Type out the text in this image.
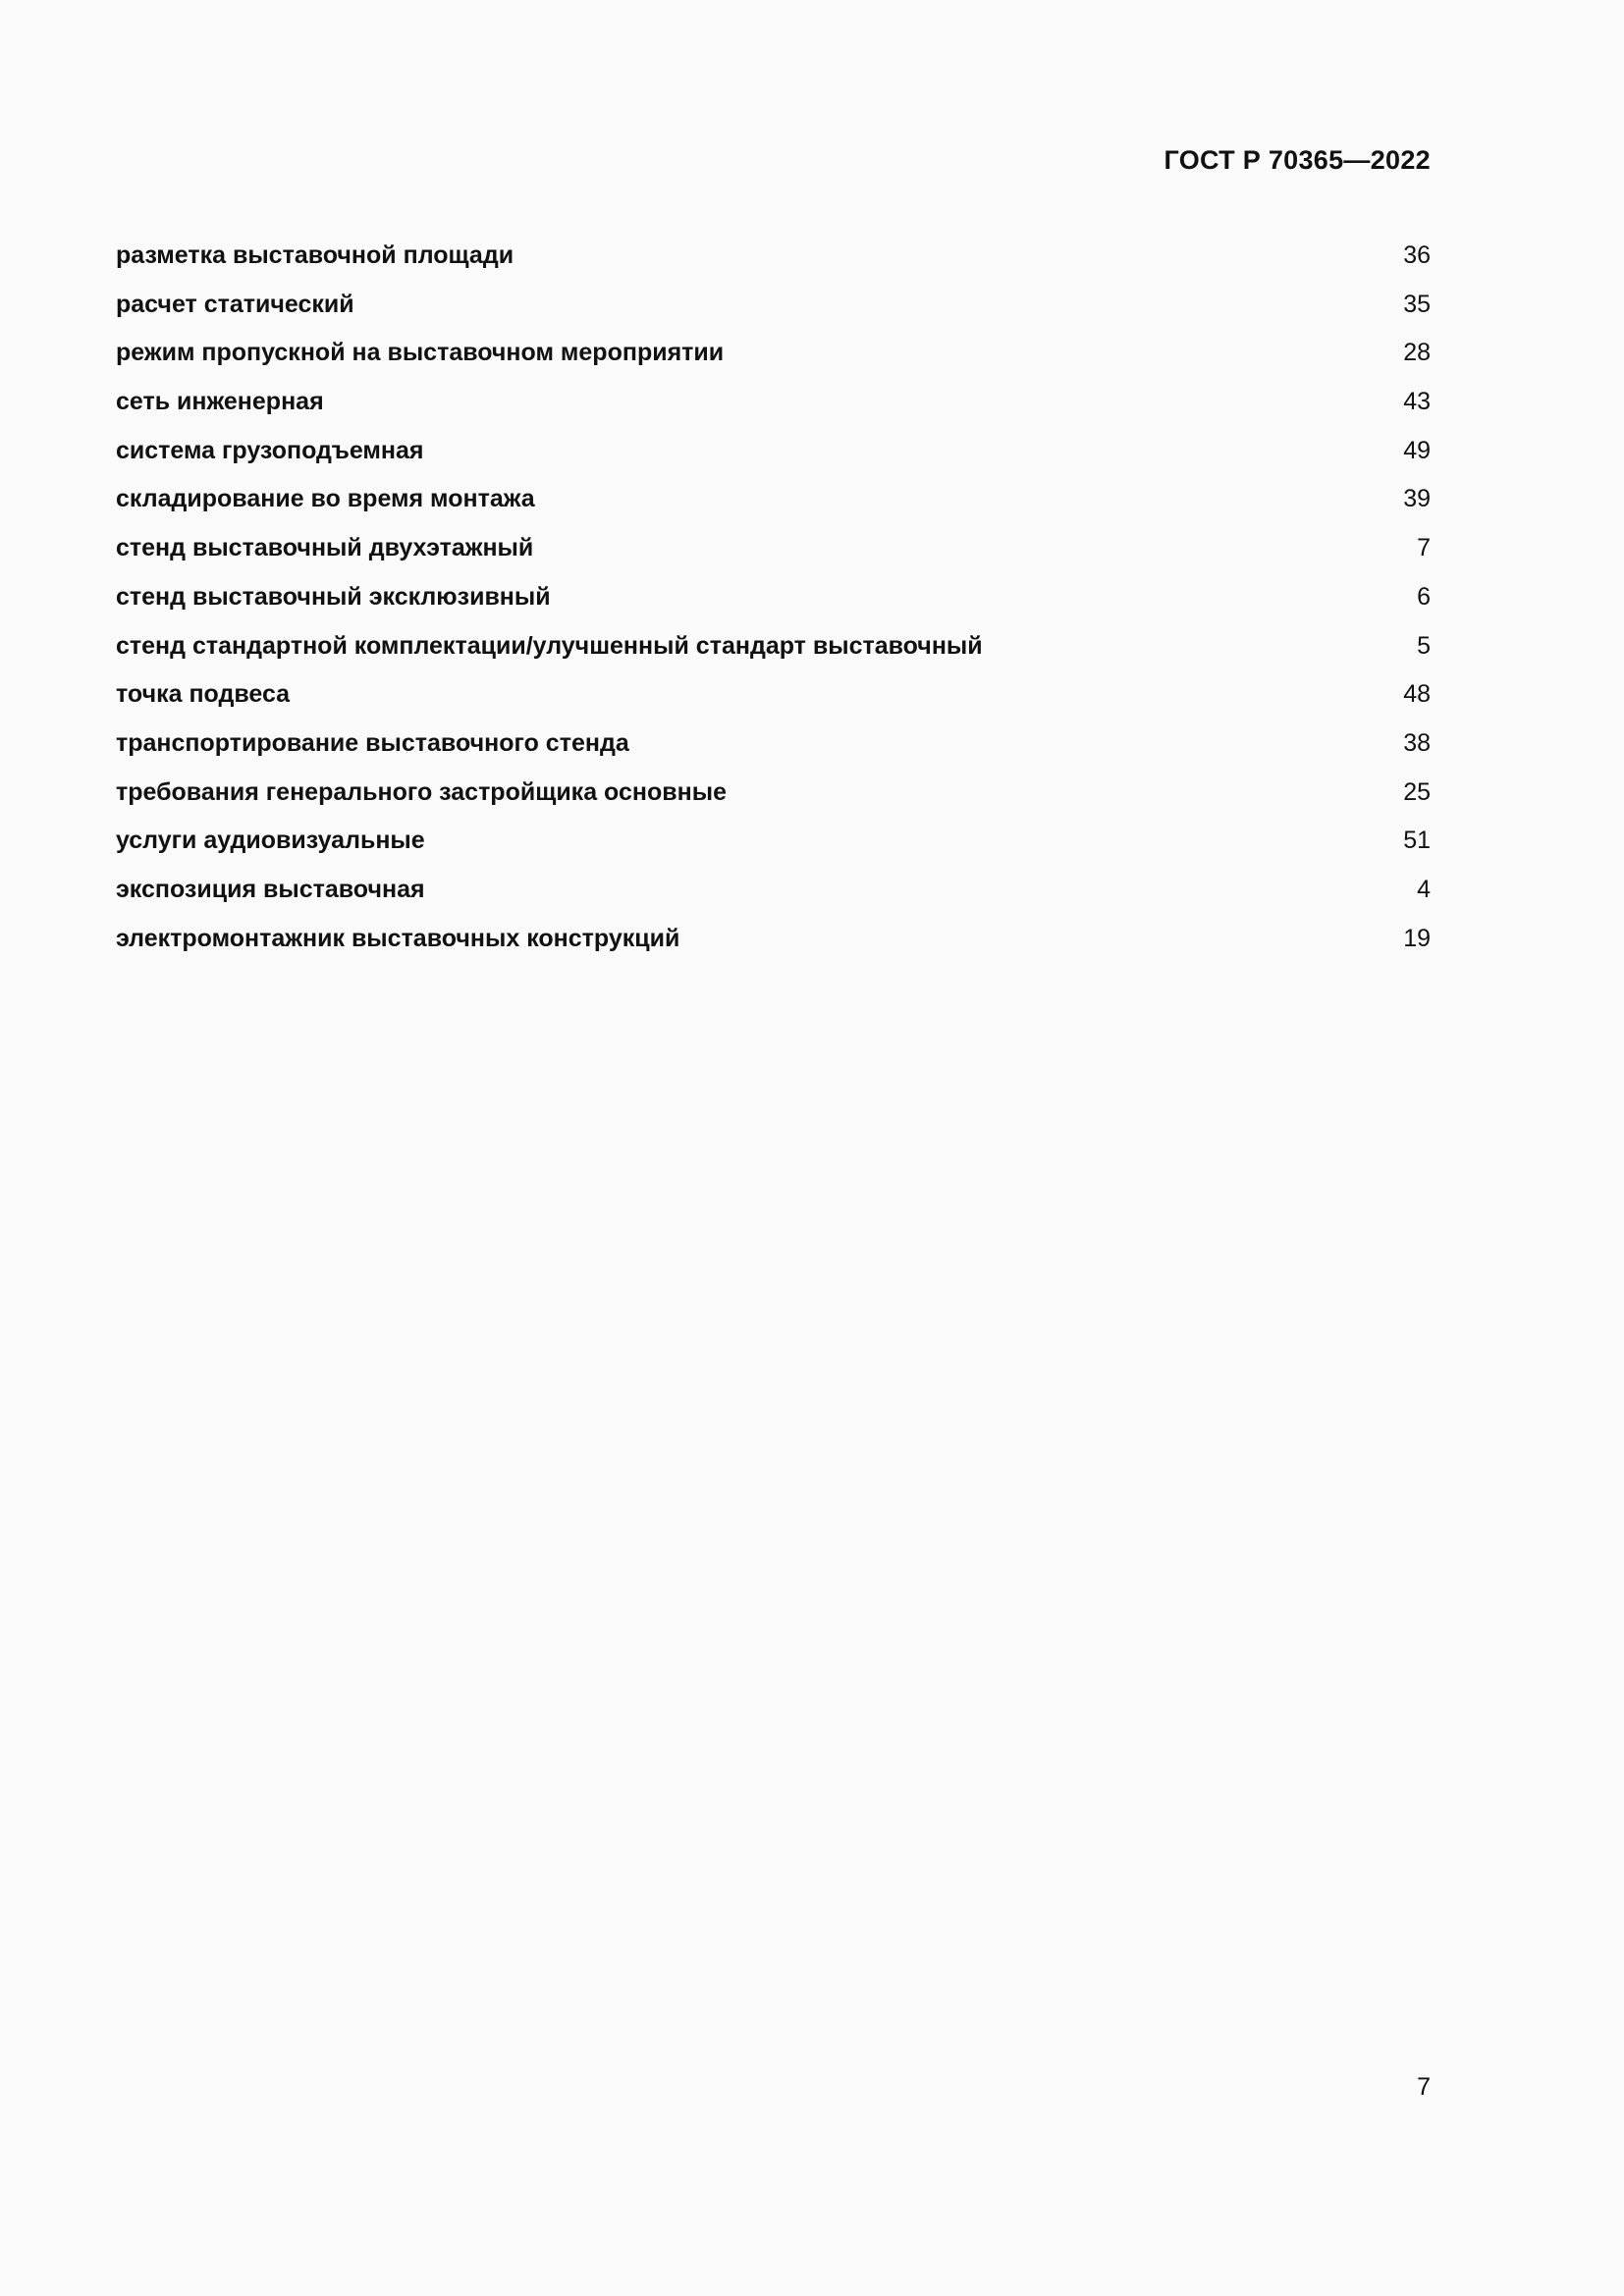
ГОСТ Р 70365—2022
разметка выставочной площади	36
расчет статический	35
режим пропускной на выставочном мероприятии	28
сеть инженерная	43
система грузоподъемная	49
складирование во время монтажа	39
стенд выставочный двухэтажный	7
стенд выставочный эксклюзивный	6
стенд стандартной комплектации/улучшенный стандарт выставочный	5
точка подвеса	48
транспортирование выставочного стенда	38
требования генерального застройщика основные	25
услуги аудиовизуальные	51
экспозиция выставочная	4
электромонтажник выставочных конструкций	19
7
